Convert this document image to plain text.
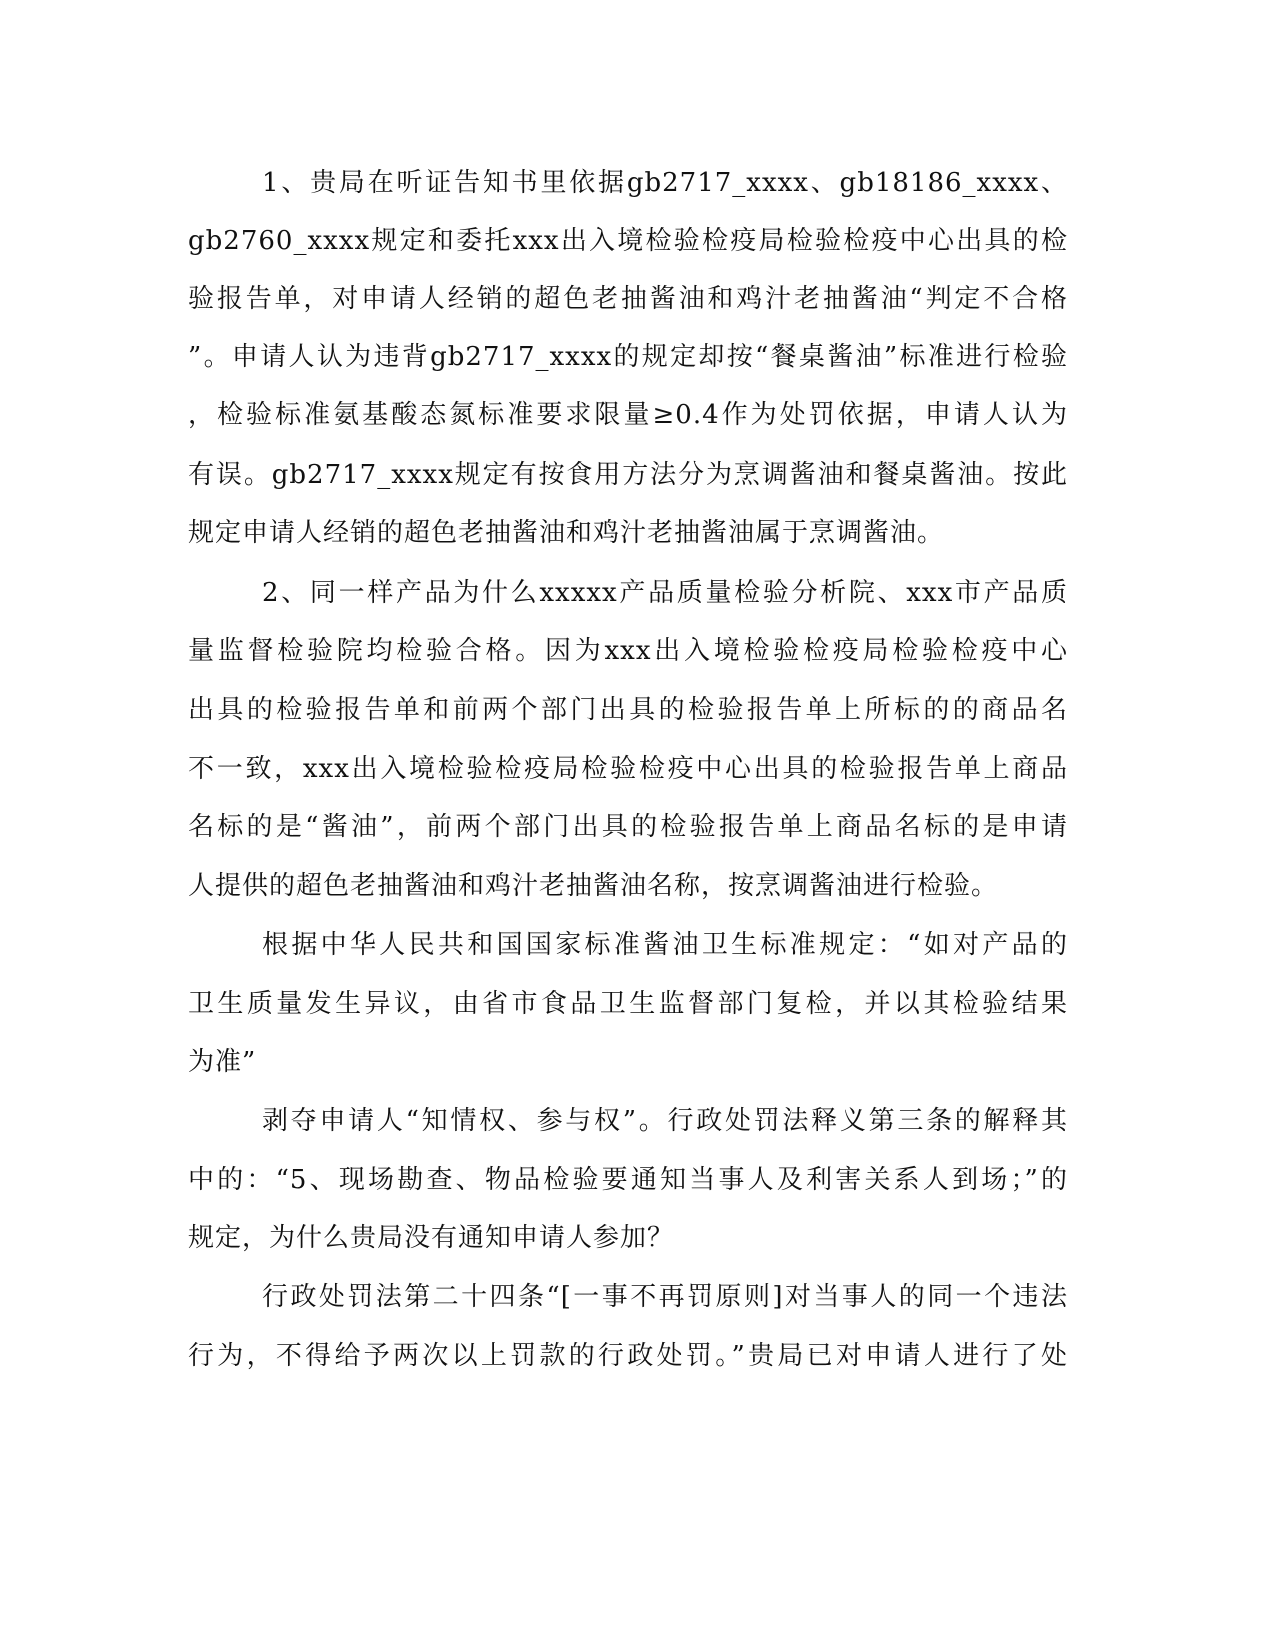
1、贵局在听证告知书里依据gb2717_xxxx、gb18186_xxxx、
gb2760_xxxx规定和委托xxx出入境检验检疫局检验检疫中心出具的检
验报告单，对申请人经销的超色老抽酱油和鸡汁老抽酱油“判定不合格
”。申请人认为违背gb2717_xxxx的规定却按“餐桌酱油”标准进行检验
，检验标准氨基酸态氮标准要求限量≥0.4作为处罚依据，申请人认为
有误。gb2717_xxxx规定有按食用方法分为烹调酱油和餐桌酱油。按此
规定申请人经销的超色老抽酱油和鸡汁老抽酱油属于烹调酱油。
2、同一样产品为什么xxxxx产品质量检验分析院、xxx市产品质
量监督检验院均检验合格。因为xxx出入境检验检疫局检验检疫中心
出具的检验报告单和前两个部门出具的检验报告单上所标的的商品名
不一致，xxx出入境检验检疫局检验检疫中心出具的检验报告单上商品
名标的是“酱油”，前两个部门出具的检验报告单上商品名标的是申请
人提供的超色老抽酱油和鸡汁老抽酱油名称，按烹调酱油进行检验。
根据中华人民共和国国家标准酱油卫生标准规定：“如对产品的
卫生质量发生异议，由省市食品卫生监督部门复检，并以其检验结果
为准”
剥夺申请人“知情权、参与权”。行政处罚法释义第三条的解释其
中的：“5、现场勘查、物品检验要通知当事人及利害关系人到场；”的
规定，为什么贵局没有通知申请人参加？
行政处罚法第二十四条“[一事不再罚原则]对当事人的同一个违法
行为，不得给予两次以上罚款的行政处罚。”贵局已对申请人进行了处
